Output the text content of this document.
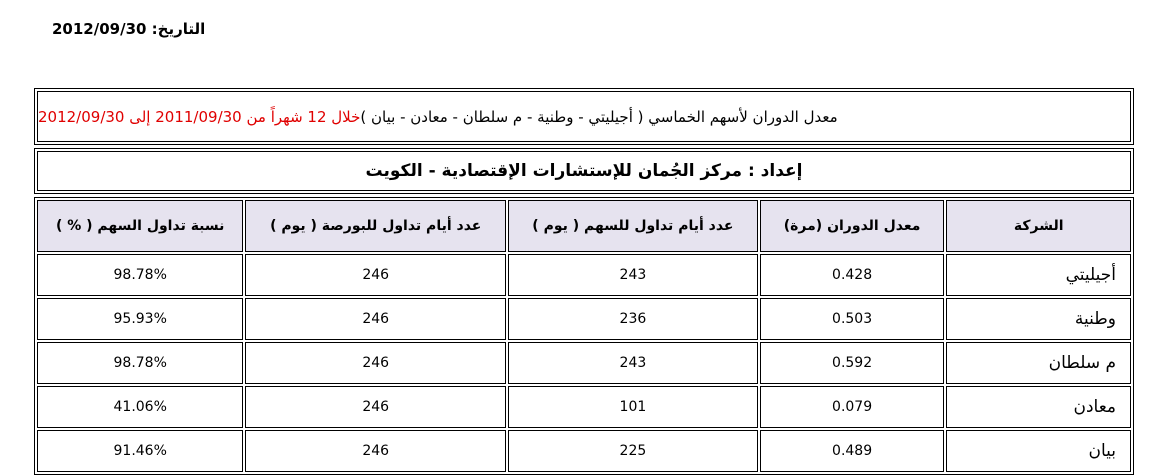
التاريخ: 2012/09/30
معدل الدوران لأسهم الخماسي ( أجيليتي - وطنية - م سلطان - معادن - بيان )
خلال 12 شهراً من 2011/09/30 إلى 2012/09/30
إعداد : مركز الجُمان للإستشارات الإقتصادية - الكويت
الشركة	معدل الدوران (مرة)	عدد أيام تداول للسهم ( يوم )	عدد أيام تداول للبورصة ( يوم )	نسبة تداول السهم ( % )
أجيليتي	0.428	243	246	98.78%
وطنية	0.503	236	246	95.93%
م سلطان	0.592	243	246	98.78%
معادن	0.079	101	246	41.06%
بيان	0.489	225	246	91.46%
